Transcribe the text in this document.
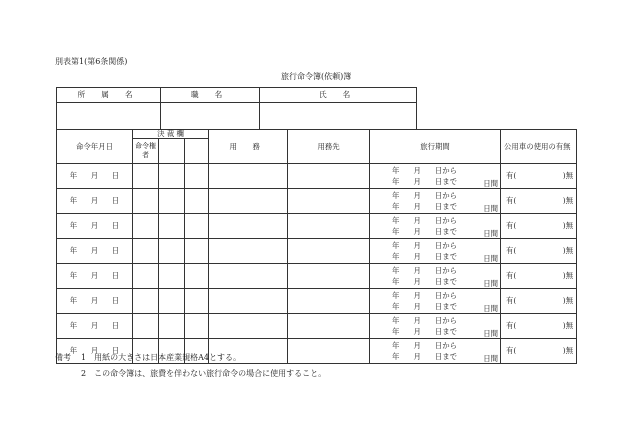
別表第1(第6条関係)
旅行命令簿(依頼)簿
所 属 名	職 名	氏 名

命令年月日	決 裁 欄			用 務	用務先	旅行期間	公用車の使用の有無
	命令権者						

年 月 日						年 月 日から
年 月 日まで 日間	有( )無

年 月 日						年 月 日から
年 月 日まで 日間	有( )無

年 月 日						年 月 日から
年 月 日まで 日間	有( )無

年 月 日						年 月 日から
年 月 日まで 日間	有( )無

年 月 日						年 月 日から
年 月 日まで 日間	有( )無

年 月 日						年 月 日から
年 月 日まで 日間	有( )無

年 月 日						年 月 日から
年 月 日まで 日間	有( )無

年 月 日						年 月 日から
年 月 日まで 日間	有( )無
備考 1　用紙の大きさは日本産業規格A4とする。
2　この命令簿は、旅費を伴わない旅行命令の場合に使用すること。
